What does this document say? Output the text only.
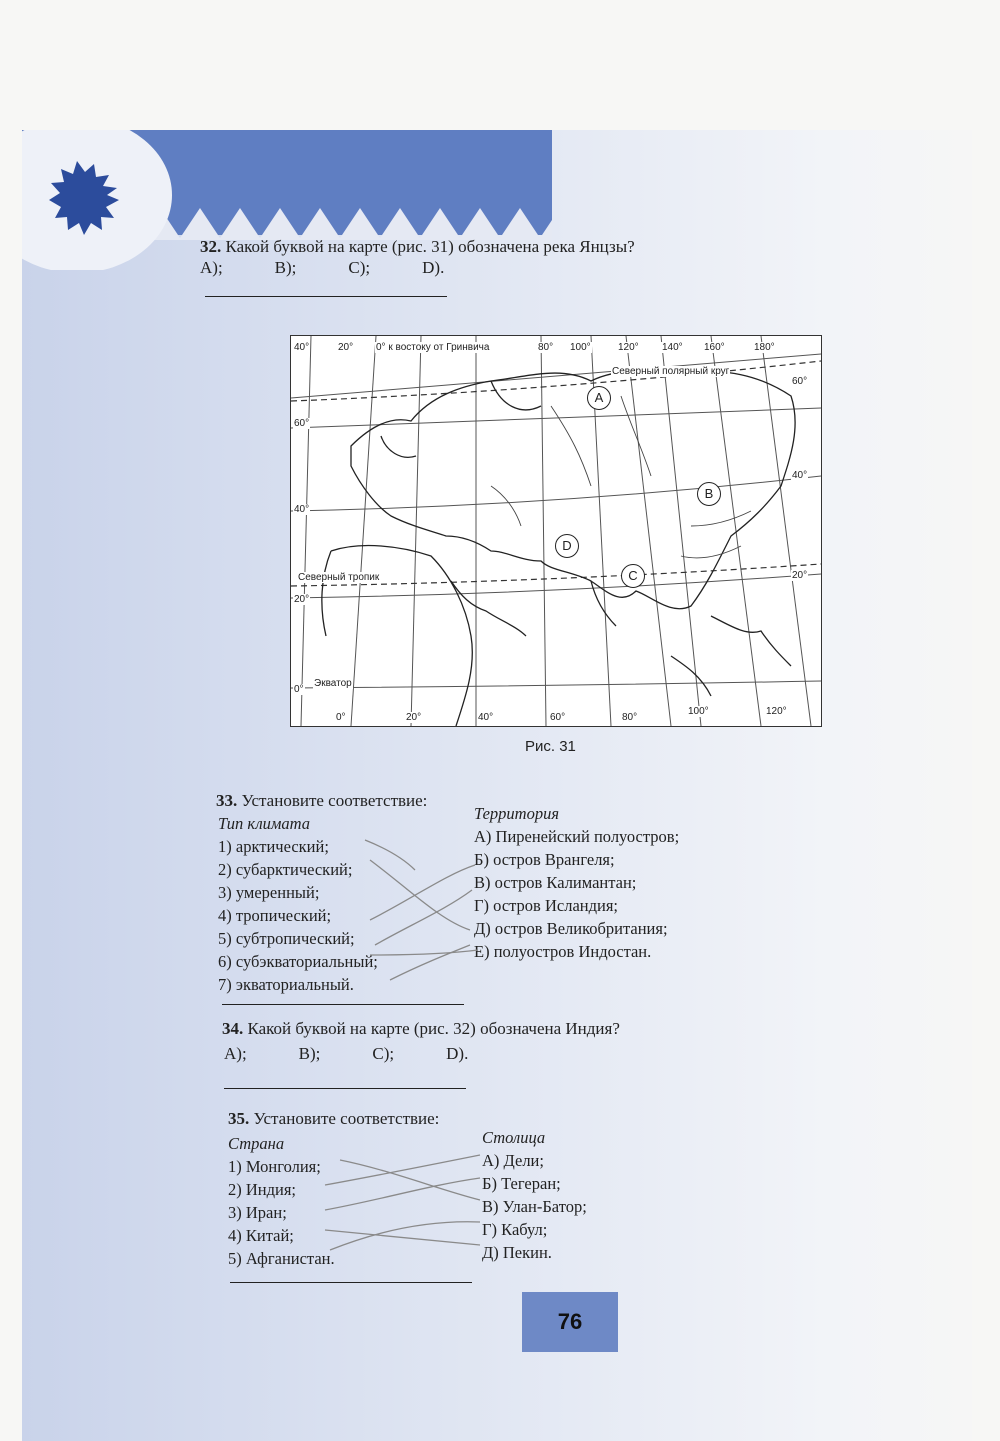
32. Какой буквой на карте (рис. 31) обозначена река Янцзы?
A);	B);	C);	D).
40°	20° 0° к востоку от Гринвича	80° 100°	120° 140° 160°	180°
60°
40°
20°
0°
60°
40°
20°
0°	20°	40°	60°	80°
100°	120°
Северный полярный круг
Северный тропик
Экватор
A
B
C
D
Рис. 31
33. Установите соответствие:
Тип климата
1) арктический;
2) субарктический;
3) умеренный;
4) тропический;
5) субтропический;
6) субэкваториальный;
7) экваториальный.
Территория
А) Пиренейский полуостров;
Б) остров Врангеля;
В) остров Калимантан;
Г) остров Исландия;
Д) остров Великобритания;
Е) полуостров Индостан.
34. Какой буквой на карте (рис. 32) обозначена Индия?
A);	B);	C);	D).
35. Установите соответствие:
Страна
1) Монголия;
2) Индия;
3) Иран;
4) Китай;
5) Афганистан.
Столица
А) Дели;
Б) Тегеран;
В) Улан-Батор;
Г) Кабул;
Д) Пекин.
76
